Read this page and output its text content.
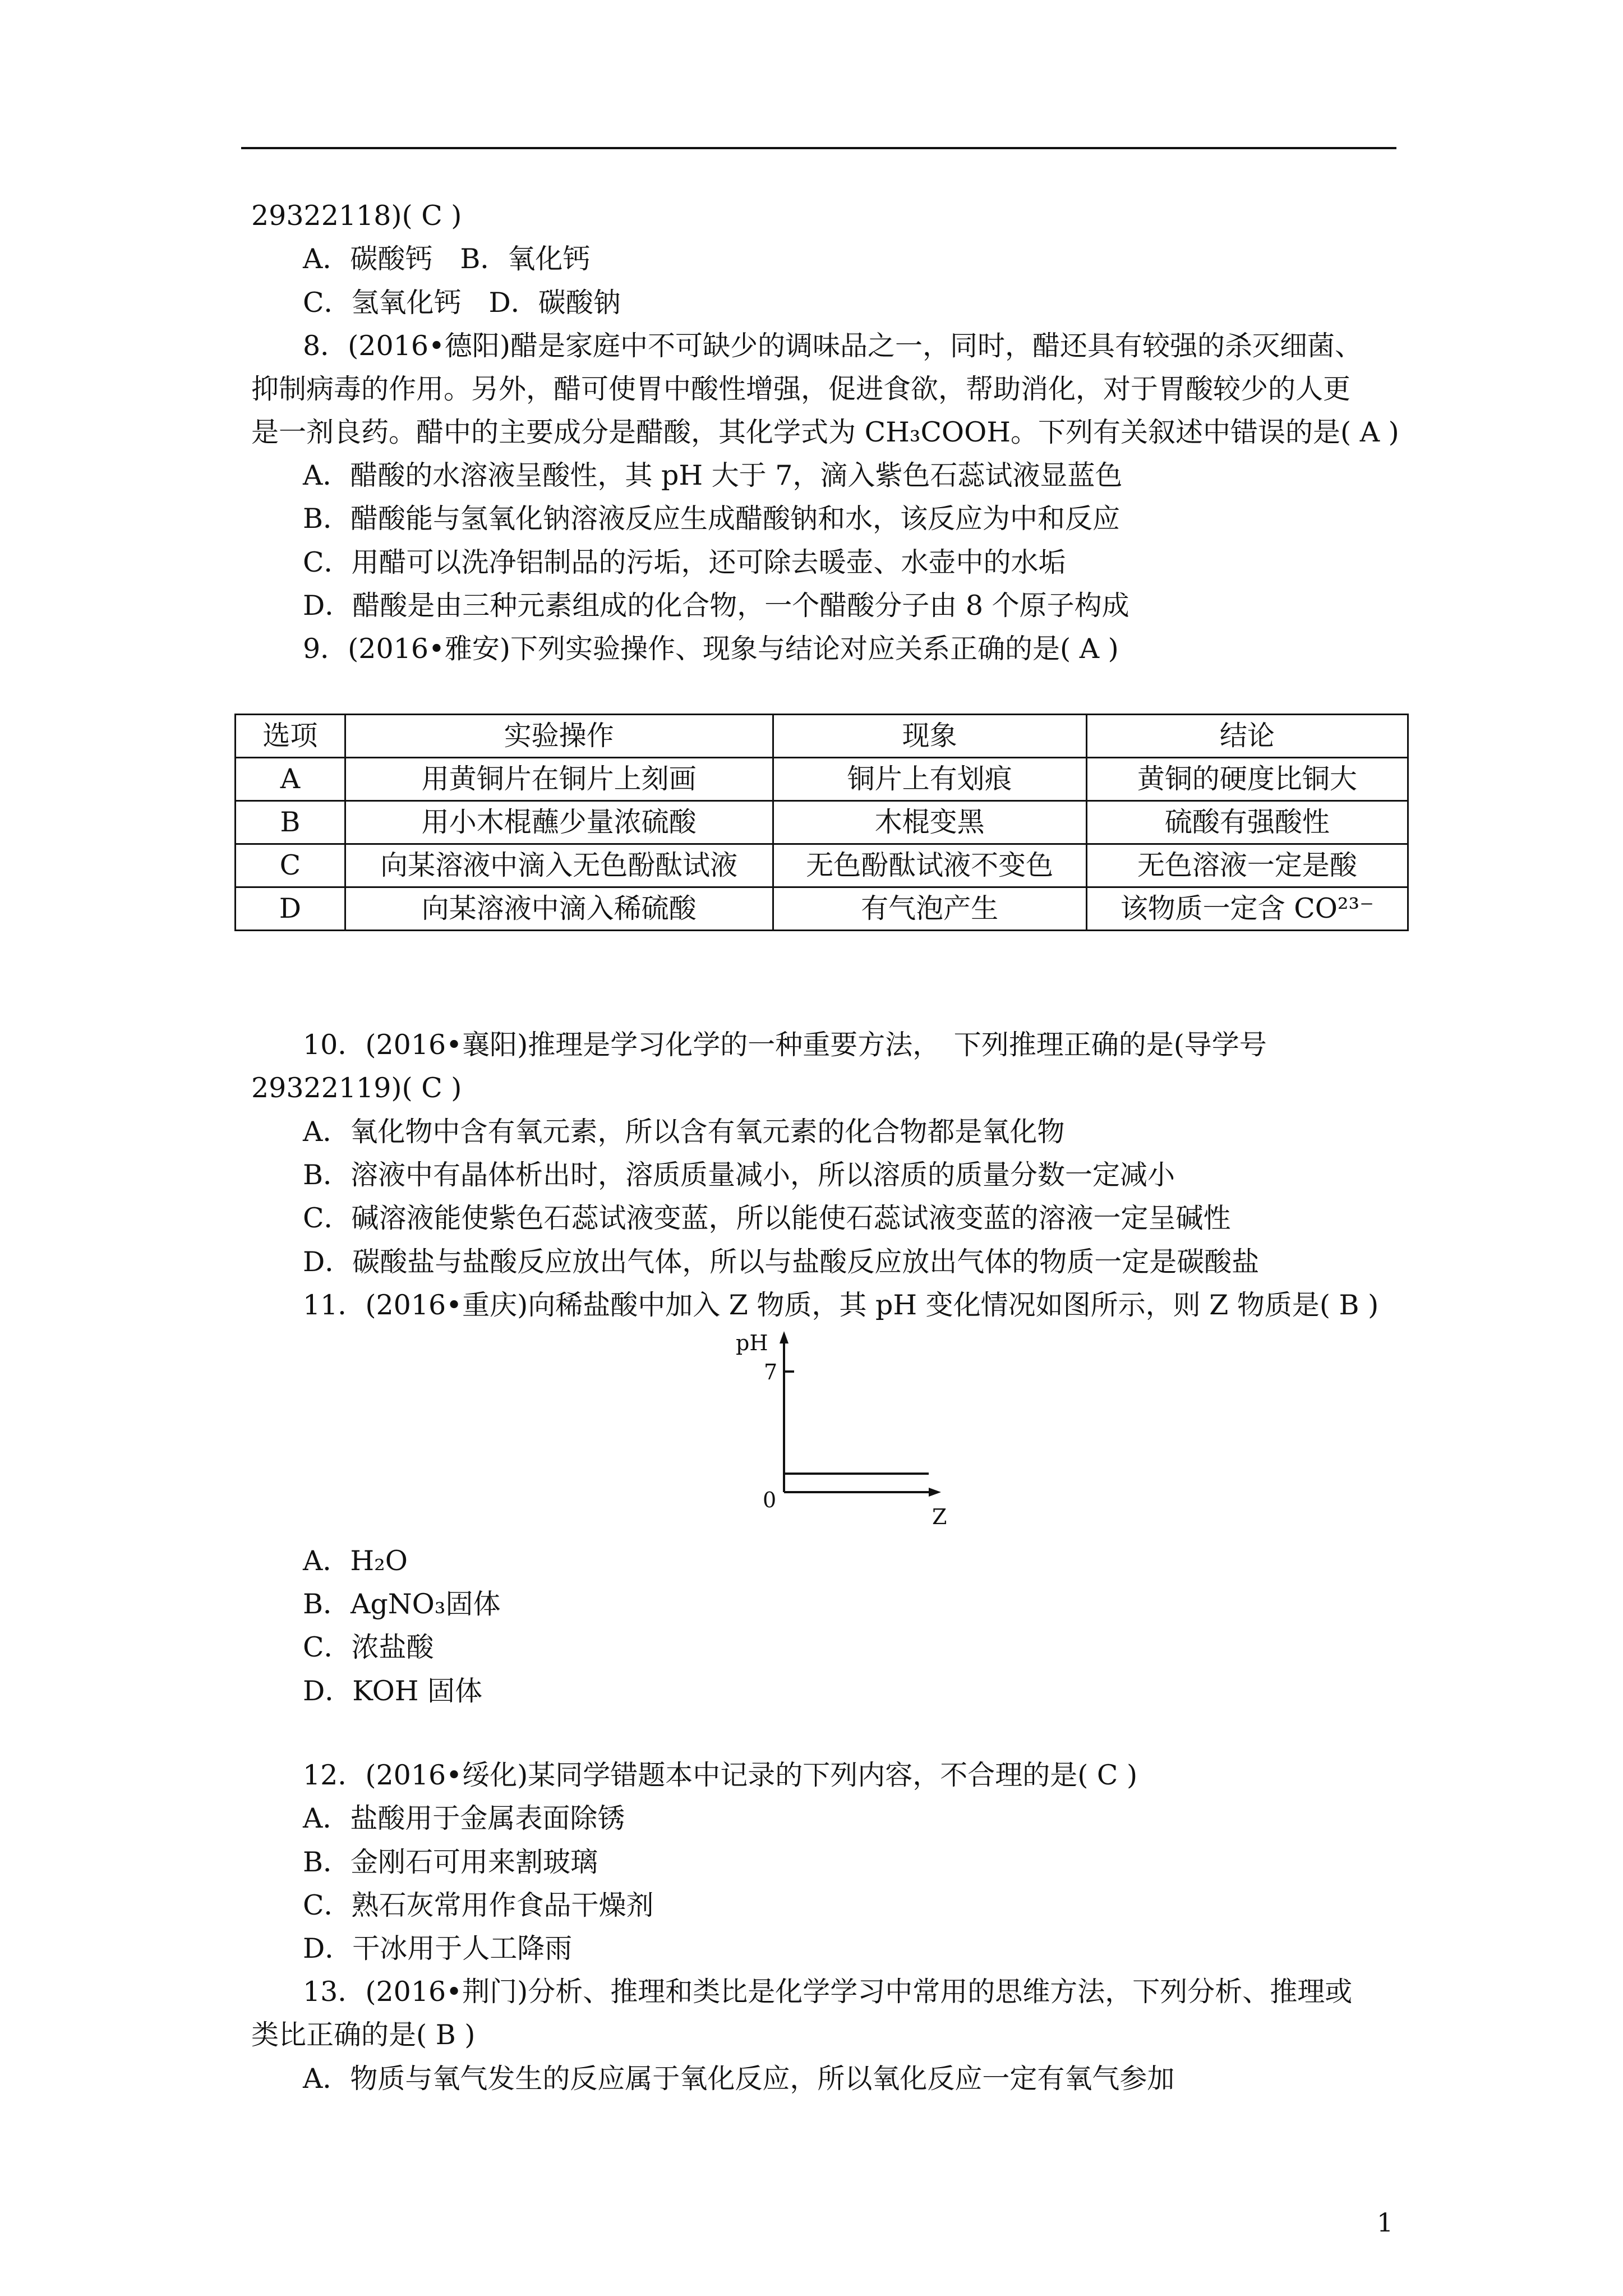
29322118)( C )
A．碳酸钙　B．氧化钙
C．氢氧化钙　D．碳酸钠
8．(2016•德阳)醋是家庭中不可缺少的调味品之一，同时，醋还具有较强的杀灭细菌、
抑制病毒的作用。另外，醋可使胃中酸性增强，促进食欲，帮助消化，对于胃酸较少的人更
是一剂良药。醋中的主要成分是醋酸，其化学式为 CH₃COOH。下列有关叙述中错误的是( A )
A．醋酸的水溶液呈酸性，其 pH 大于 7，滴入紫色石蕊试液显蓝色
B．醋酸能与氢氧化钠溶液反应生成醋酸钠和水，该反应为中和反应
C．用醋可以洗净铝制品的污垢，还可除去暖壶、水壶中的水垢
D．醋酸是由三种元素组成的化合物，一个醋酸分子由 8 个原子构成
9．(2016•雅安)下列实验操作、现象与结论对应关系正确的是( A )
选项	实验操作	现象	结论
A	用黄铜片在铜片上刻画	铜片上有划痕	黄铜的硬度比铜大
B	用小木棍蘸少量浓硫酸	木棍变黑	硫酸有强酸性
C	向某溶液中滴入无色酚酞试液	无色酚酞试液不变色	无色溶液一定是酸
D	向某溶液中滴入稀硫酸	有气泡产生	该物质一定含 CO²³⁻
10．(2016•襄阳)推理是学习化学的一种重要方法，　下列推理正确的是(导学号
29322119)( C )
A．氧化物中含有氧元素，所以含有氧元素的化合物都是氧化物
B．溶液中有晶体析出时，溶质质量减小，所以溶质的质量分数一定减小
C．碱溶液能使紫色石蕊试液变蓝，所以能使石蕊试液变蓝的溶液一定呈碱性
D．碳酸盐与盐酸反应放出气体，所以与盐酸反应放出气体的物质一定是碳酸盐
11．(2016•重庆)向稀盐酸中加入 Z 物质，其 pH 变化情况如图所示，则 Z 物质是( B )
pH
7
0
Z
A．H₂O
B．AgNO₃固体
C．浓盐酸
D．KOH 固体
12．(2016•绥化)某同学错题本中记录的下列内容，不合理的是( C )
A．盐酸用于金属表面除锈
B．金刚石可用来割玻璃
C．熟石灰常用作食品干燥剂
D．干冰用于人工降雨
13．(2016•荆门)分析、推理和类比是化学学习中常用的思维方法，下列分析、推理或
类比正确的是( B )
A．物质与氧气发生的反应属于氧化反应，所以氧化反应一定有氧气参加
1
